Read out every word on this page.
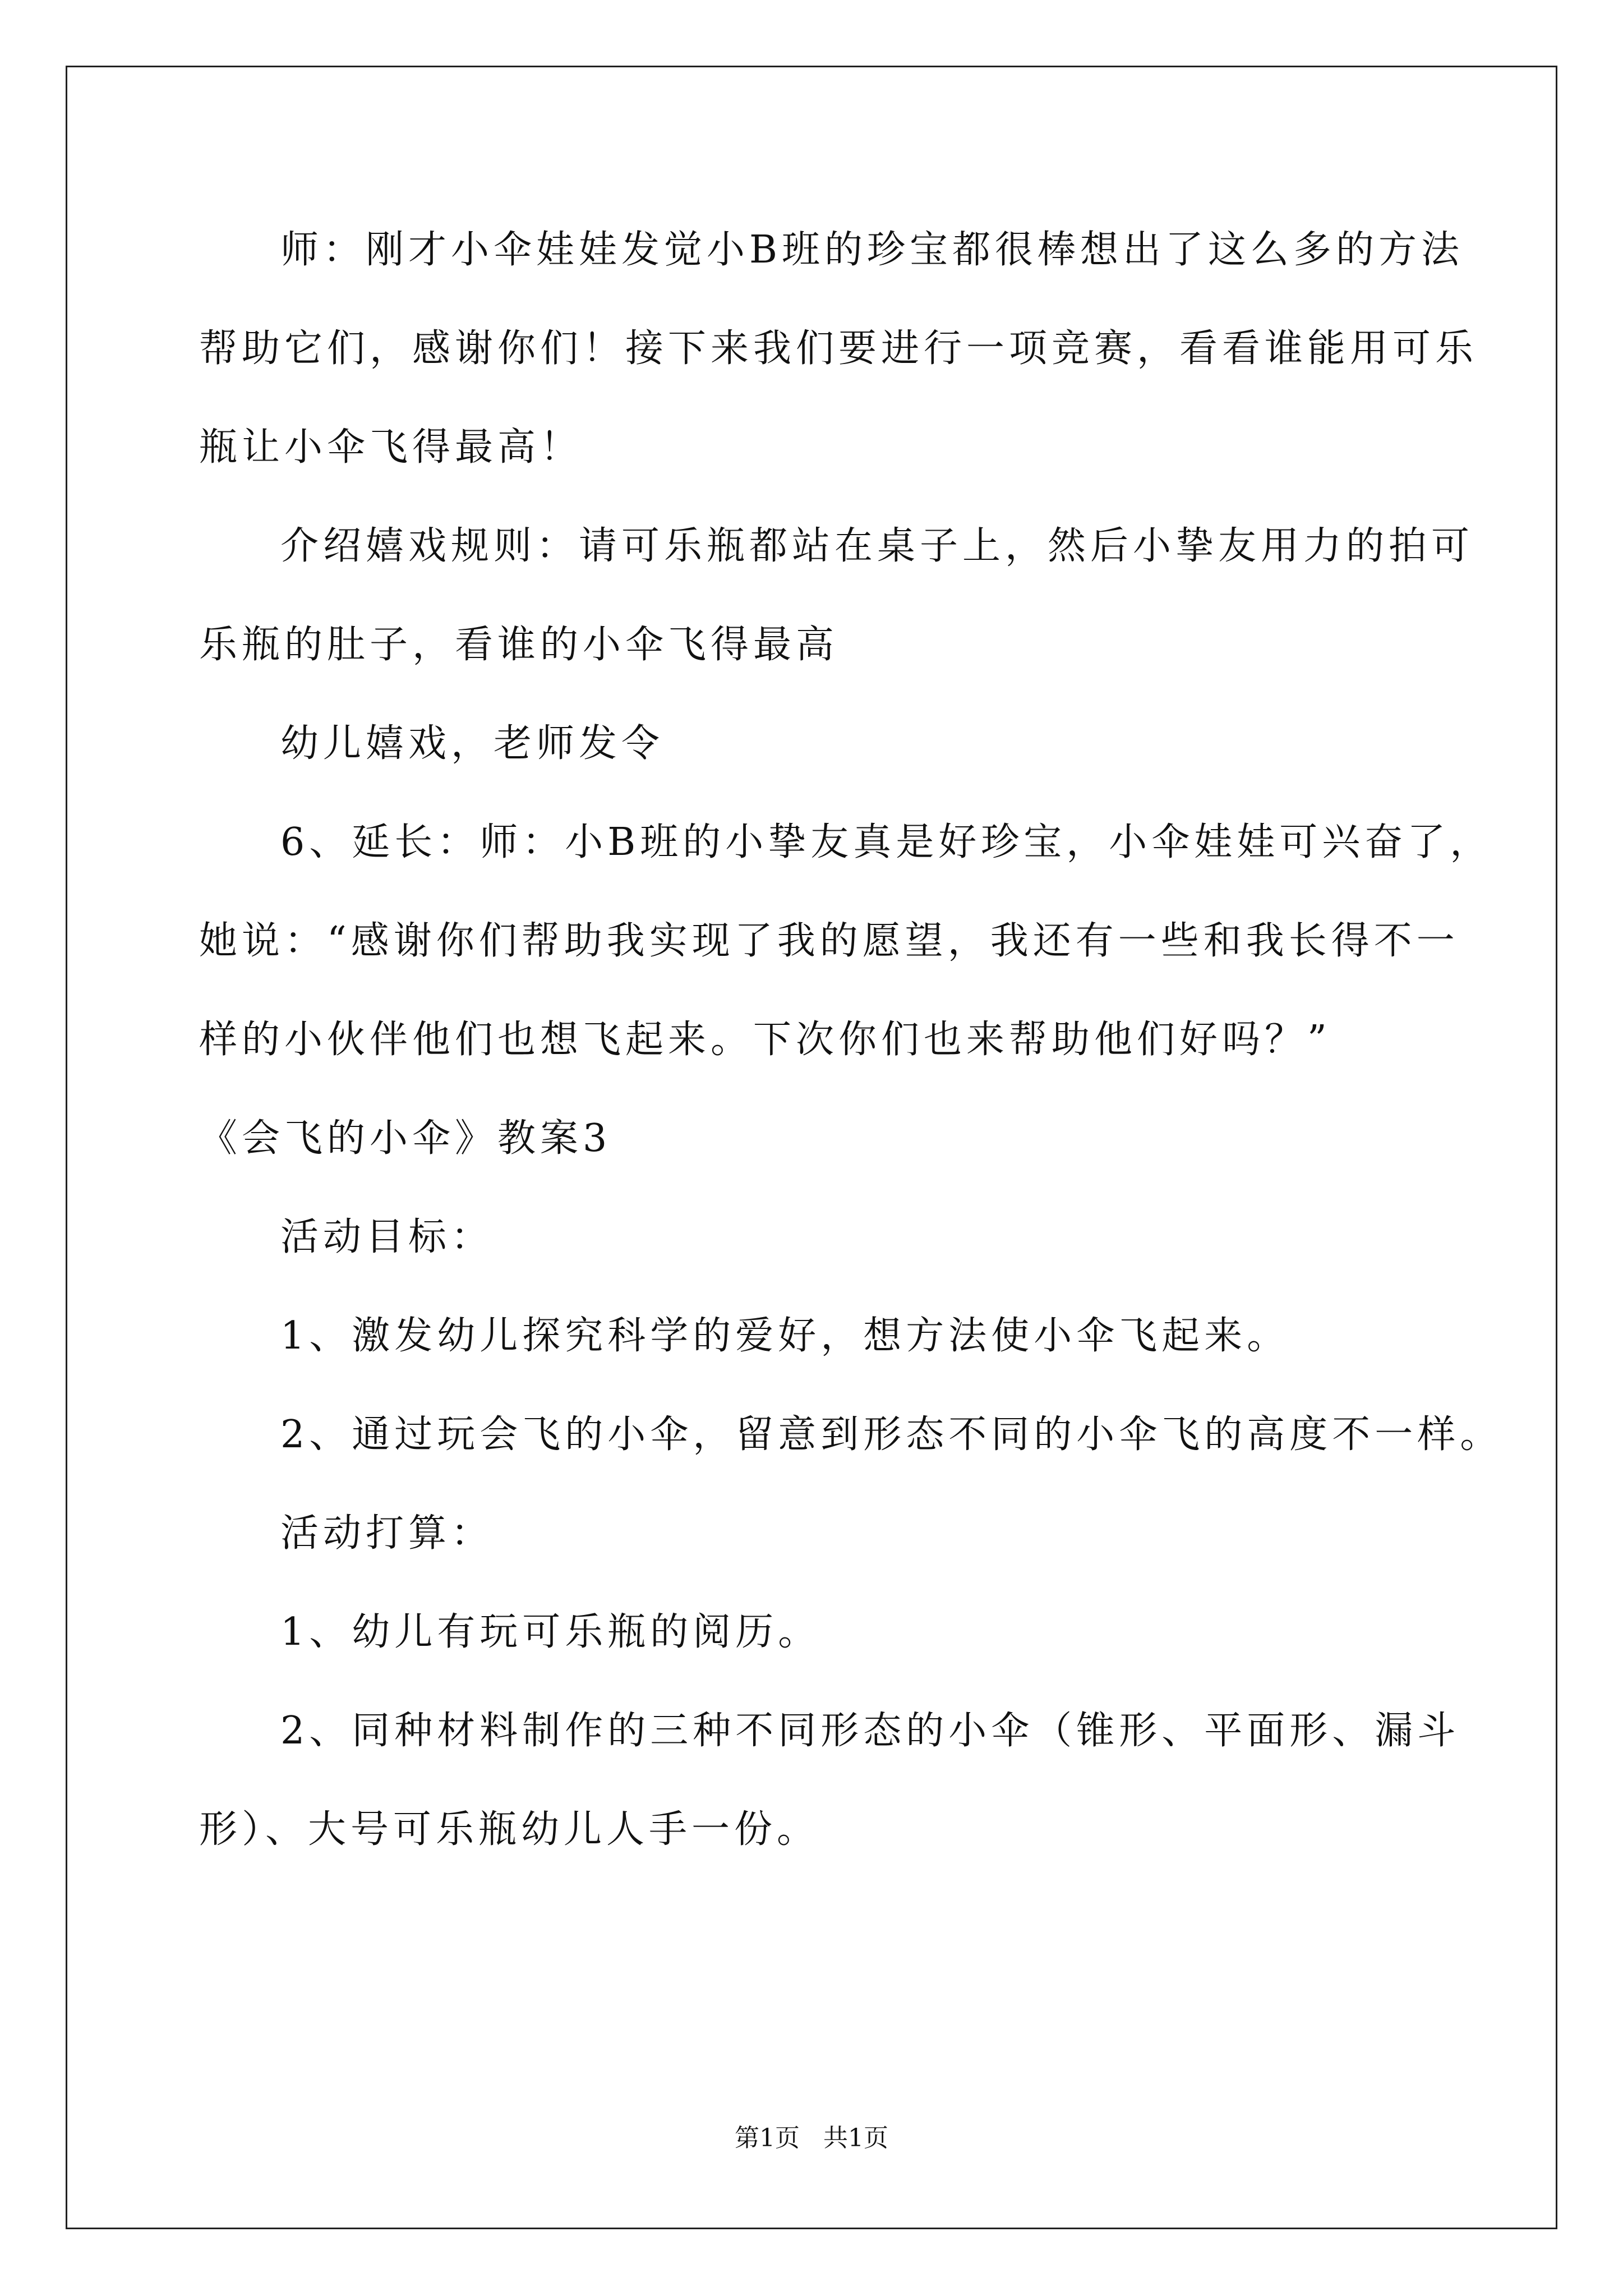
师：刚才小伞娃娃发觉小B班的珍宝都很棒想出了这么多的方法
帮助它们，感谢你们！接下来我们要进行一项竞赛，看看谁能用可乐
瓶让小伞飞得最高！
介绍嬉戏规则：请可乐瓶都站在桌子上，然后小挚友用力的拍可
乐瓶的肚子，看谁的小伞飞得最高
幼儿嬉戏，老师发令
6、延长：师：小B班的小挚友真是好珍宝，小伞娃娃可兴奋了，
她说：“感谢你们帮助我实现了我的愿望，我还有一些和我长得不一
样的小伙伴他们也想飞起来。下次你们也来帮助他们好吗？”
《会飞的小伞》教案3
活动目标：
1、激发幼儿探究科学的爱好，想方法使小伞飞起来。
2、通过玩会飞的小伞，留意到形态不同的小伞飞的高度不一样。
活动打算：
1、幼儿有玩可乐瓶的阅历。
2、同种材料制作的三种不同形态的小伞（锥形、平面形、漏斗
形）、大号可乐瓶幼儿人手一份。
第1页   共1页
